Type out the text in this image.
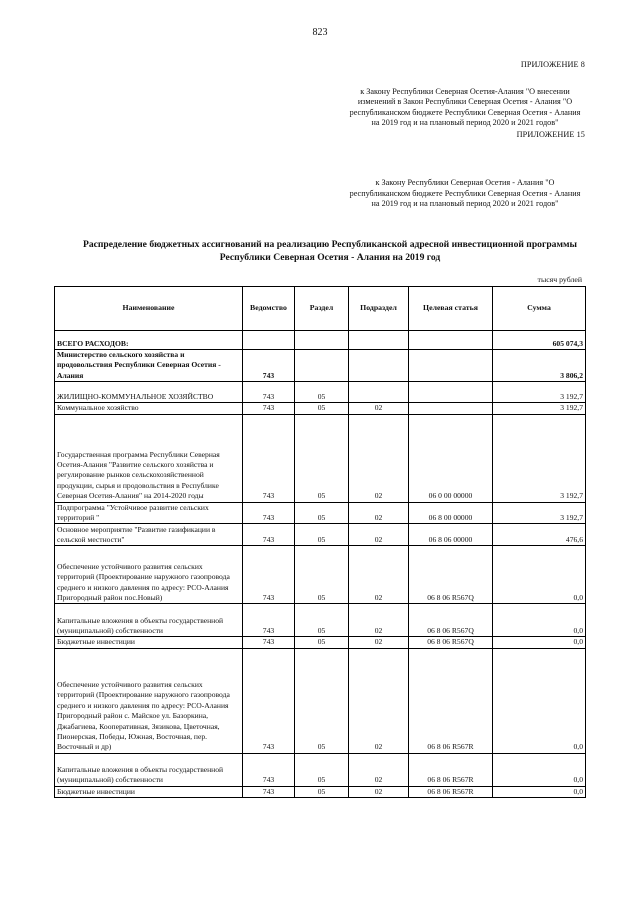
823
ПРИЛОЖЕНИЕ 8
к Закону Республики Северная Осетия-Алания "О внесении изменений в Закон Республики Северная Осетия - Алания "О республиканском бюджете Республики Северная Осетия - Алания на 2019 год и на плановый период 2020 и 2021 годов"
ПРИЛОЖЕНИЕ 15
к Закону Республики Северная Осетия - Алания "О республиканском бюджете Республики Северная Осетия - Алания на 2019 год и на плановый период 2020 и 2021 годов"
Распределение бюджетных ассигнований на реализацию Республиканской адресной инвестиционной программы Республики Северная Осетия - Алания на 2019 год
тысяч рублей
Наименование	Ведомство	Раздел	Подраздел	Целевая статья	Сумма
ВСЕГО РАСХОДОВ:					605 074,3
Министерство сельского хозяйства и продовольствия Республики Северная Осетия - Алания	743				3 806,2
ЖИЛИЩНО-КОММУНАЛЬНОЕ ХОЗЯЙСТВО	743	05			3 192,7
Коммунальное хозяйство	743	05	02		3 192,7
Государственная программа Республики Северная Осетия-Алания "Развитие сельского хозяйства и регулирование рынков сельскохозяйственной продукции, сырья и продовольствия в Республике Северная Осетия-Алания" на 2014-2020 годы	743	05	02	06 0 00 00000	3 192,7
Подпрограмма "Устойчивое развитие сельских территорий "	743	05	02	06 8 00 00000	3 192,7
Основное мероприятие "Развитие газификации в сельской местности"	743	05	02	06 8 06 00000	476,6
Обеспечение устойчивого развития сельских территорий (Проектирование наружного газопровода среднего и низкого давления по адресу: РСО-Алания Пригородный район пос.Новый)	743	05	02	06 8 06 R567Q	0,0
Капитальные вложения в объекты государственной (муниципальной) собственности	743	05	02	06 8 06 R567Q	0,0
Бюджетные инвестиции	743	05	02	06 8 06 R567Q	0,0
Обеспечение устойчивого развития сельских территорий (Проектирование наружного газопровода среднего и низкого давления по адресу: РСО-Алания Пригородный район с. Майское ул. Базоркина, Джабагиева, Кооперативная, Зязикова, Цветочная, Пионерская, Победы, Южная, Восточная, пер. Восточный и др)	743	05	02	06 8 06 R567R	0,0
Капитальные вложения в объекты государственной (муниципальной) собственности	743	05	02	06 8 06 R567R	0,0
Бюджетные инвестиции	743	05	02	06 8 06 R567R	0,0
